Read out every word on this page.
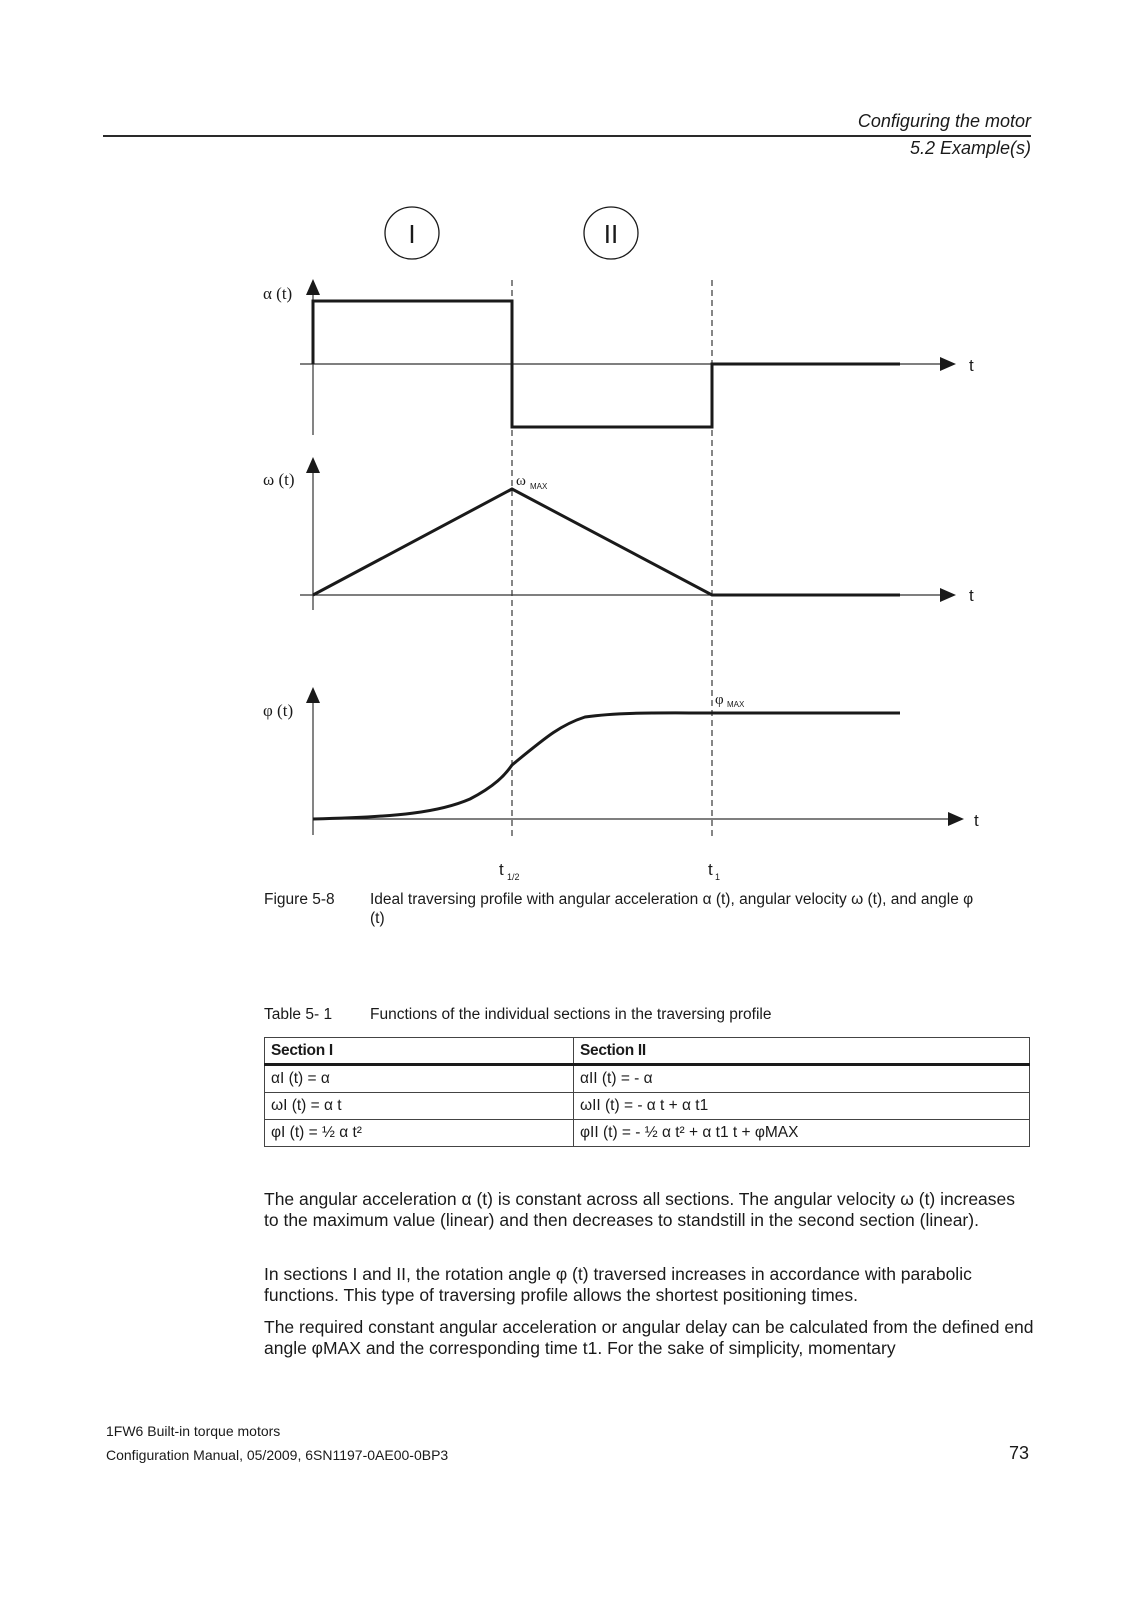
Configuring the motor
5.2 Example(s)
I	II
α (t)
t
ω (t)
t
ω MAX
φ (t)
t
φ MAX
t 1/2	t 1
Figure 5-8 Ideal traversing profile with angular acceleration α (t), angular velocity ω (t), and angle φ (t)
Table 5- 1 Functions of the individual sections in the traversing profile
Section I	Section II
αI (t) = α	αII (t) = - α
ωI (t) = α t	ωII (t) = - α t + α t1
φI (t) = ½ α t²	φII (t) = - ½ α t² + α t1 t + φMAX
The angular acceleration α (t) is constant across all sections. The angular velocity ω (t) increases to the maximum value (linear) and then decreases to standstill in the second section (linear).
In sections I and II, the rotation angle φ (t) traversed increases in accordance with parabolic functions. This type of traversing profile allows the shortest positioning times.
The required constant angular acceleration or angular delay can be calculated from the defined end angle φMAX and the corresponding time t1. For the sake of simplicity, momentary
1FW6 Built-in torque motors
Configuration Manual, 05/2009, 6SN1197-0AE00-0BP3	73
